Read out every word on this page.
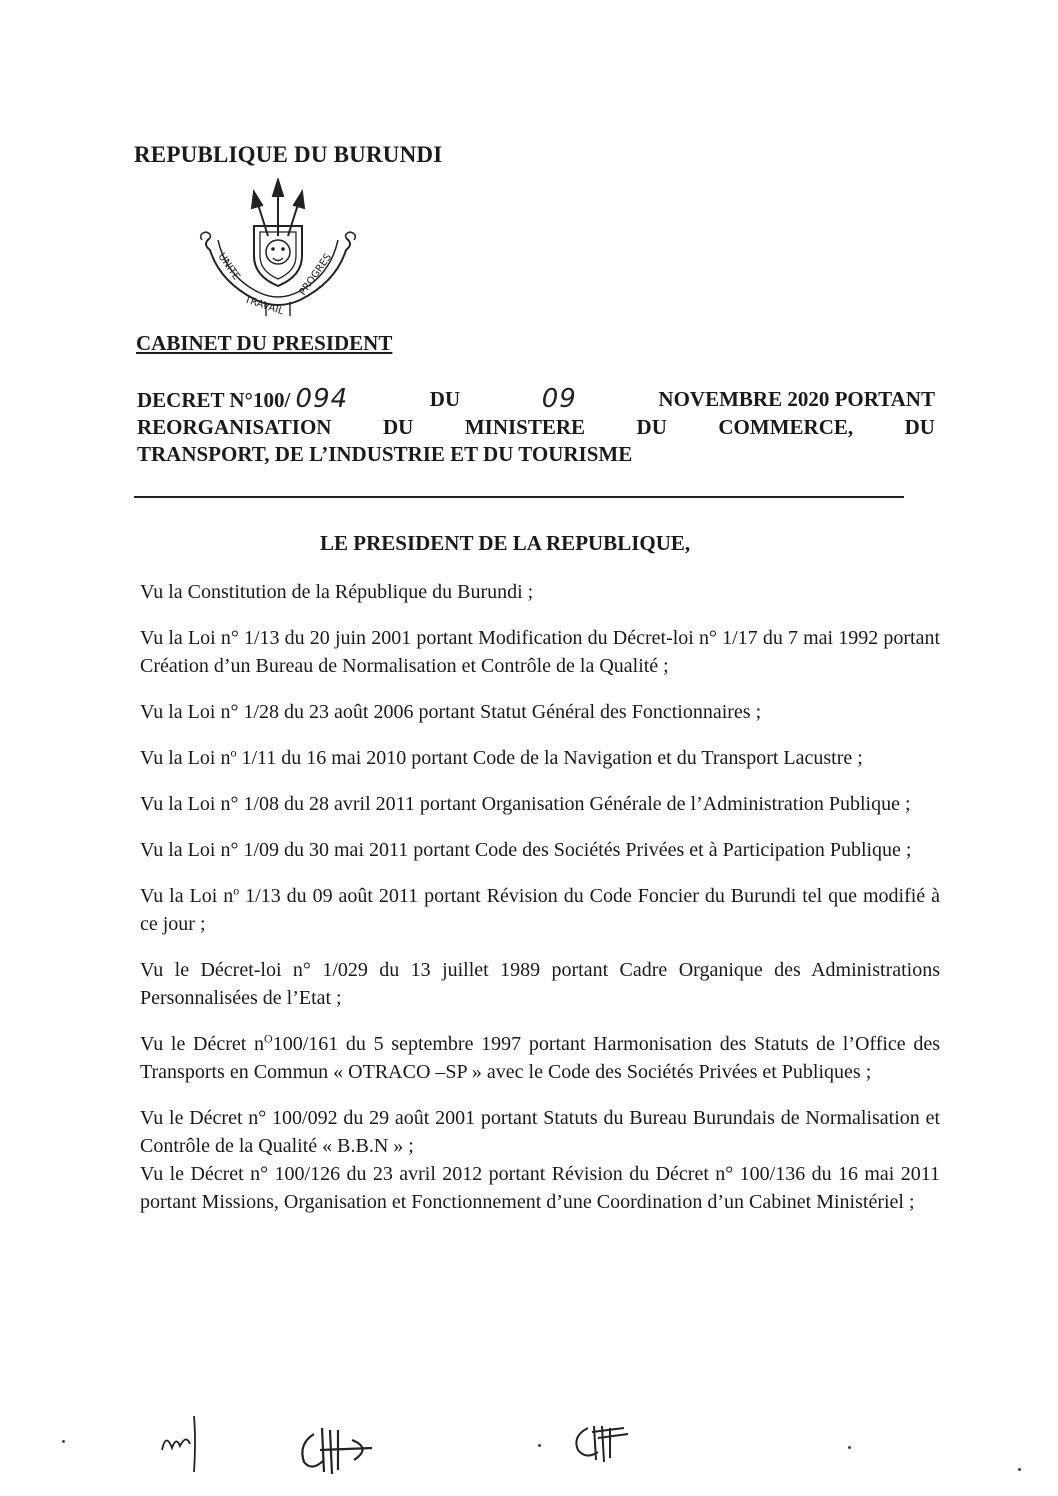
REPUBLIQUE DU BURUNDI
UNITE
TRAVAIL
PROGRES
CABINET DU PRESIDENT
DECRET N°100/ 094	DU	09	NOVEMBRE 2020 PORTANT
REORGANISATION DU MINISTERE DU COMMERCE, DU
TRANSPORT, DE L’INDUSTRIE ET DU TOURISME
LE PRESIDENT DE LA REPUBLIQUE,

Vu la Constitution de la République du Burundi ;

Vu la Loi n° 1/13 du 20 juin 2001 portant Modification du Décret-loi n° 1/17 du 7 mai 1992 portant Création d’un Bureau de Normalisation et Contrôle de la Qualité ;

Vu la Loi n° 1/28 du 23 août 2006 portant Statut Général des Fonctionnaires ;

Vu la Loi $n^o$ 1/11 du 16 mai 2010 portant Code de la Navigation et du Transport Lacustre ;

Vu la Loi n° 1/08 du 28 avril 2011 portant Organisation Générale de l’Administration Publique ;

Vu la Loi n° 1/09 du 30 mai 2011 portant Code des Sociétés Privées et à Participation Publique ;

Vu la Loi $n^o$ 1/13 du 09 août 2011 portant Révision du Code Foncier du Burundi tel que modifié à ce jour ;

Vu le Décret-loi n° 1/029 du 13 juillet 1989 portant Cadre Organique des Administrations Personnalisées de l’Etat ;

Vu le Décret $n^O100/161$ du 5 septembre 1997 portant Harmonisation des Statuts de l’Office des Transports en Commun « OTRACO –SP » avec le Code des Sociétés Privées et Publiques ;

Vu le Décret n° 100/092 du 29 août 2001 portant Statuts du Bureau Burundais de Normalisation et Contrôle de la Qualité « B.B.N » ;

Vu le Décret n° 100/126 du 23 avril 2012 portant Révision du Décret n° 100/136 du 16 mai 2011 portant Missions, Organisation et Fonctionnement d’une Coordination d’un Cabinet Ministériel ;
